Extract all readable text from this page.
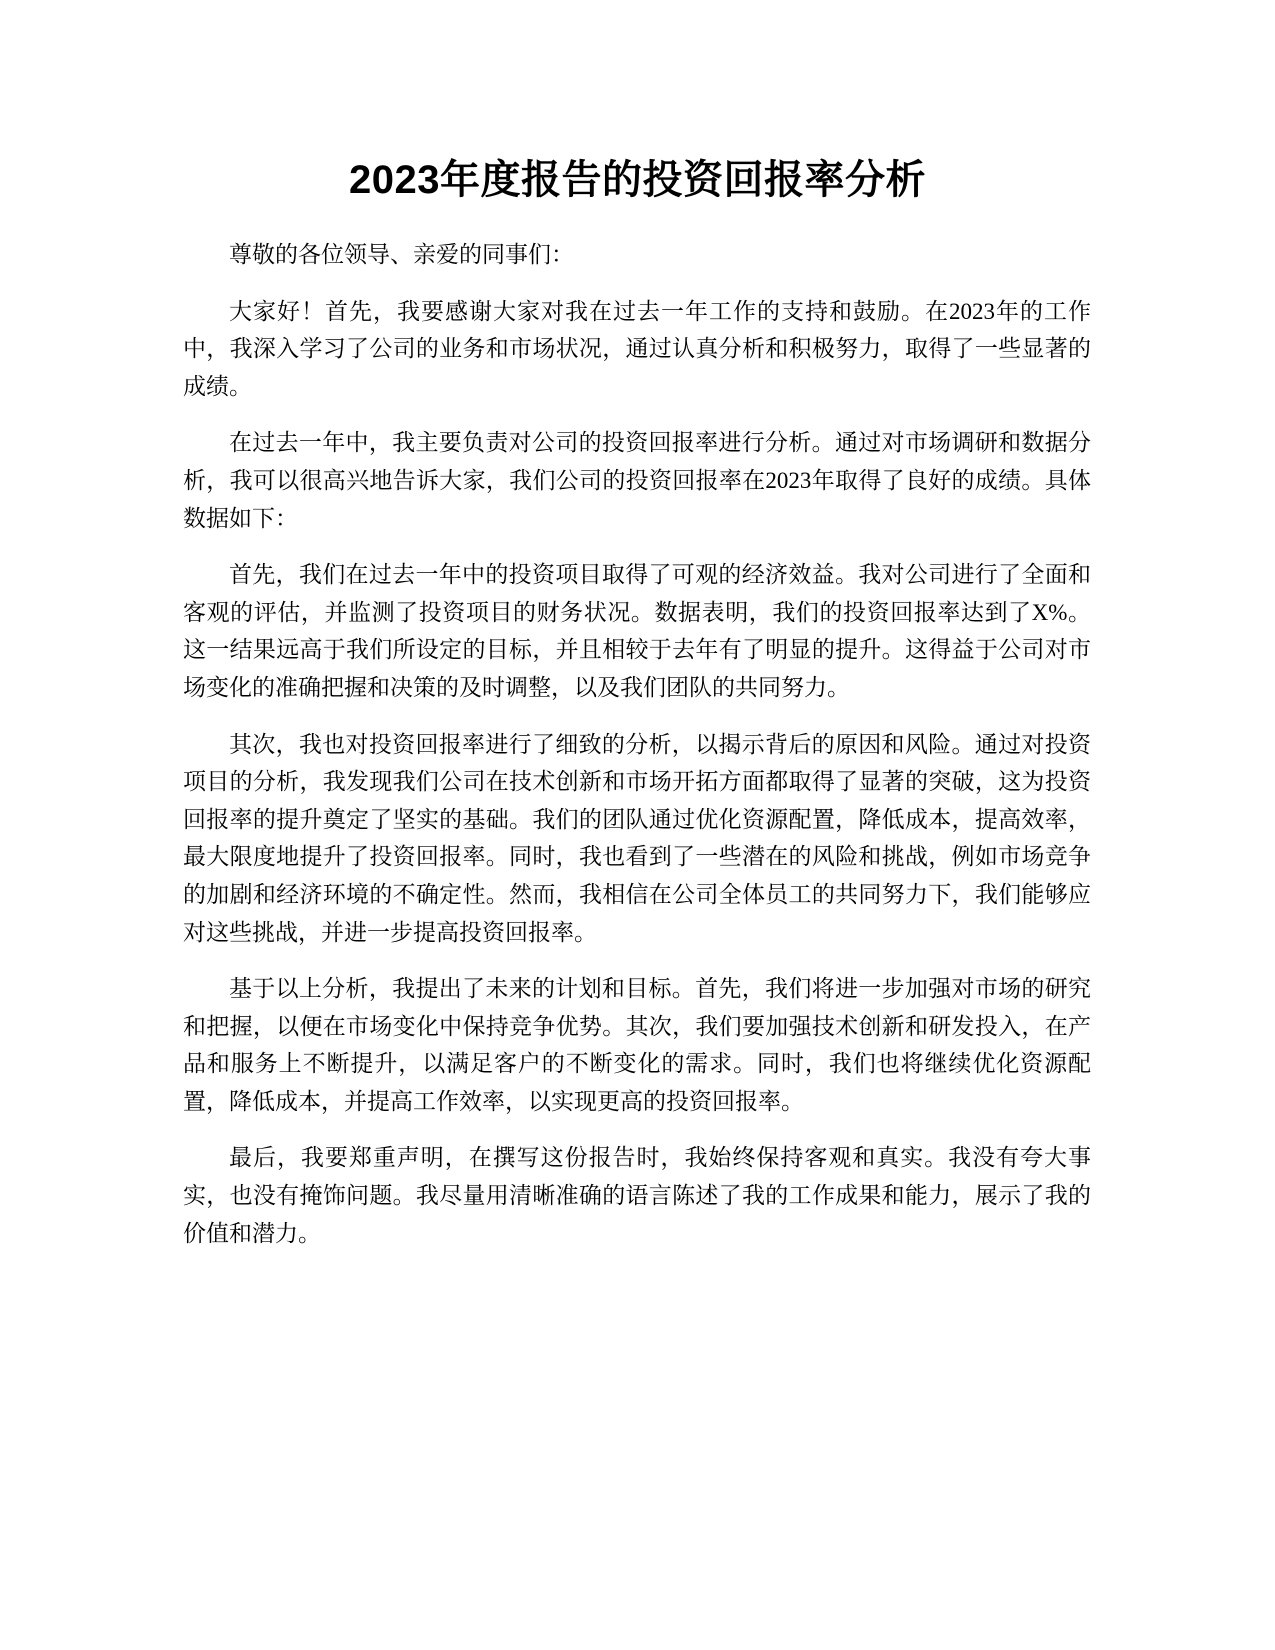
2023年度报告的投资回报率分析

尊敬的各位领导、亲爱的同事们：

大家好！首先，我要感谢大家对我在过去一年工作的支持和鼓励。在2023年的工作中，我深入学习了公司的业务和市场状况，通过认真分析和积极努力，取得了一些显著的成绩。

在过去一年中，我主要负责对公司的投资回报率进行分析。通过对市场调研和数据分析，我可以很高兴地告诉大家，我们公司的投资回报率在2023年取得了良好的成绩。具体数据如下：

首先，我们在过去一年中的投资项目取得了可观的经济效益。我对公司进行了全面和客观的评估，并监测了投资项目的财务状况。数据表明，我们的投资回报率达到了X%。这一结果远高于我们所设定的目标，并且相较于去年有了明显的提升。这得益于公司对市场变化的准确把握和决策的及时调整，以及我们团队的共同努力。

其次，我也对投资回报率进行了细致的分析，以揭示背后的原因和风险。通过对投资项目的分析，我发现我们公司在技术创新和市场开拓方面都取得了显著的突破，这为投资回报率的提升奠定了坚实的基础。我们的团队通过优化资源配置，降低成本，提高效率，最大限度地提升了投资回报率。同时，我也看到了一些潜在的风险和挑战，例如市场竞争的加剧和经济环境的不确定性。然而，我相信在公司全体员工的共同努力下，我们能够应对这些挑战，并进一步提高投资回报率。

基于以上分析，我提出了未来的计划和目标。首先，我们将进一步加强对市场的研究和把握，以便在市场变化中保持竞争优势。其次，我们要加强技术创新和研发投入，在产品和服务上不断提升，以满足客户的不断变化的需求。同时，我们也将继续优化资源配置，降低成本，并提高工作效率，以实现更高的投资回报率。

最后，我要郑重声明，在撰写这份报告时，我始终保持客观和真实。我没有夸大事实，也没有掩饰问题。我尽量用清晰准确的语言陈述了我的工作成果和能力，展示了我的价值和潜力。
